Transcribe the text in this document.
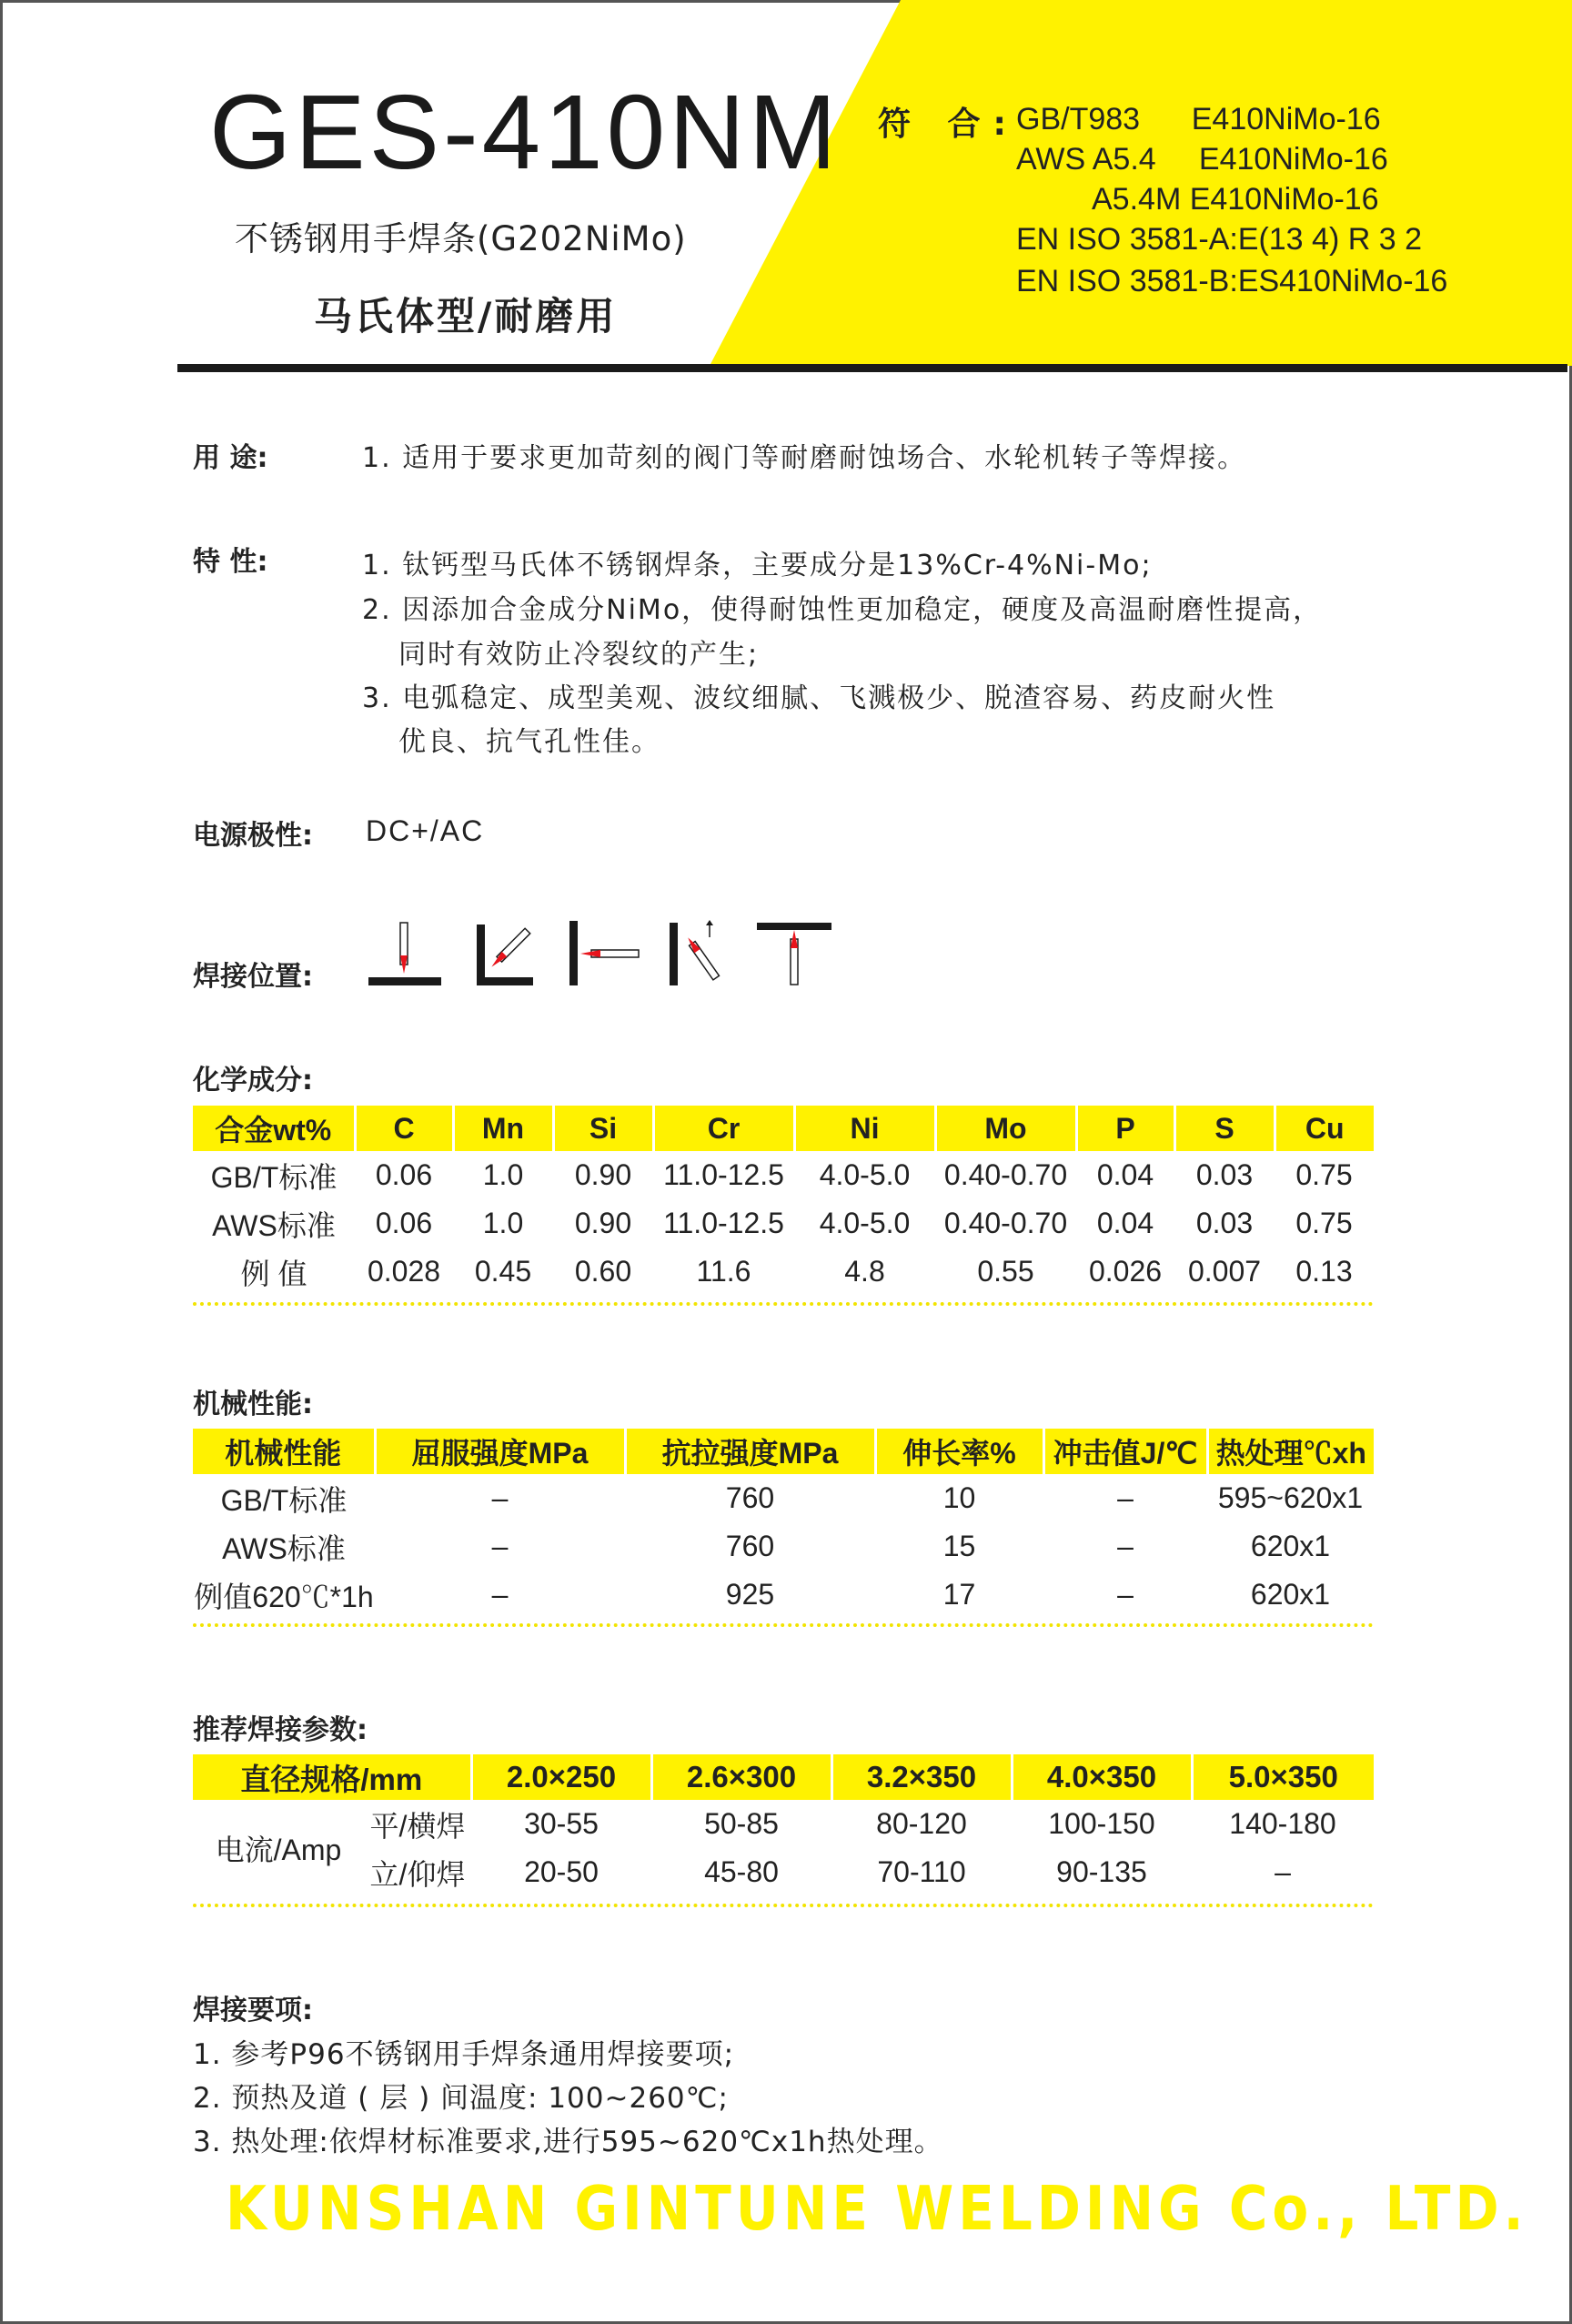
GES-410NM
不锈钢用手焊条(G202NiMo)
马氏体型/耐磨用
符 合:
GB/T983      E410NiMo-16
AWS A5.4     E410NiMo-16
A5.4M E410NiMo-16
EN ISO 3581-A:E(13 4) R 3 2
EN ISO 3581-B:ES410NiMo-16
用 途:	1. 适用于要求更加苛刻的阀门等耐磨耐蚀场合、水轮机转子等焊接。
特 性:	1. 钛钙型马氏体不锈钢焊条，主要成分是13%Cr-4%Ni-Mo;
2. 因添加合金成分NiMo，使得耐蚀性更加稳定，硬度及高温耐磨性提高，
同时有效防止冷裂纹的产生;
3. 电弧稳定、成型美观、波纹细腻、飞溅极少、脱渣容易、药皮耐火性
优良、抗气孔性佳。
电源极性: DC+/AC
焊接位置:
化学成分:
合金wt%	C	Mn	Si	Cr	Ni	Mo	P	S	Cu
GB/T标准	0.06	1.0	0.90	11.0-12.5	4.0-5.0	0.40-0.70	0.04	0.03	0.75
AWS标准	0.06	1.0	0.90	11.0-12.5	4.0-5.0	0.40-0.70	0.04	0.03	0.75
例 值	0.028	0.45	0.60	11.6	4.8	0.55	0.026	0.007	0.13
机械性能:
机械性能	屈服强度MPa	抗拉强度MPa	伸长率%	冲击值J/℃	热处理℃xh
GB/T标准	–	760	10	–	595~620x1
AWS标准	–	760	15	–	620x1
例值620℃*1h	–	925	17	–	620x1
推荐焊接参数:
直径规格/mm		2.0×250	2.6×300	3.2×350	4.0×350	5.0×350
电流/Amp	平/横焊	30-55	50-85	80-120	100-150	140-180
	立/仰焊	20-50	45-80	70-110	90-135	–
焊接要项:
1. 参考P96不锈钢用手焊条通用焊接要项;
2. 预热及道 ( 层 ) 间温度: 100~260℃;
3. 热处理:依焊材标准要求,进行595~620℃x1h热处理。
KUNSHAN GINTUNE WELDING Co., LTD.
